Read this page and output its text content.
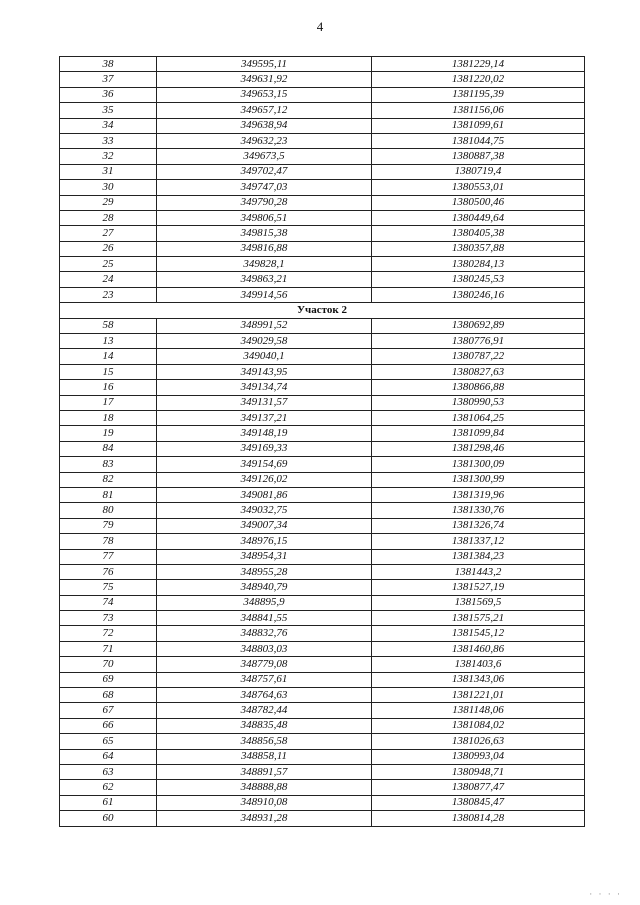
4
38	349595,11	1381229,14
37	349631,92	1381220,02
36	349653,15	1381195,39
35	349657,12	1381156,06
34	349638,94	1381099,61
33	349632,23	1381044,75
32	349673,5	1380887,38
31	349702,47	1380719,4
30	349747,03	1380553,01
29	349790,28	1380500,46
28	349806,51	1380449,64
27	349815,38	1380405,38
26	349816,88	1380357,88
25	349828,1	1380284,13
24	349863,21	1380245,53
23	349914,56	1380246,16
Участок 2		
58	348991,52	1380692,89
13	349029,58	1380776,91
14	349040,1	1380787,22
15	349143,95	1380827,63
16	349134,74	1380866,88
17	349131,57	1380990,53
18	349137,21	1381064,25
19	349148,19	1381099,84
84	349169,33	1381298,46
83	349154,69	1381300,09
82	349126,02	1381300,99
81	349081,86	1381319,96
80	349032,75	1381330,76
79	349007,34	1381326,74
78	348976,15	1381337,12
77	348954,31	1381384,23
76	348955,28	1381443,2
75	348940,79	1381527,19
74	348895,9	1381569,5
73	348841,55	1381575,21
72	348832,76	1381545,12
71	348803,03	1381460,86
70	348779,08	1381403,6
69	348757,61	1381343,06
68	348764,63	1381221,01
67	348782,44	1381148,06
66	348835,48	1381084,02
65	348856,58	1381026,63
64	348858,11	1380993,04
63	348891,57	1380948,71
62	348888,88	1380877,47
61	348910,08	1380845,47
60	348931,28	1380814,28
· · · ·
